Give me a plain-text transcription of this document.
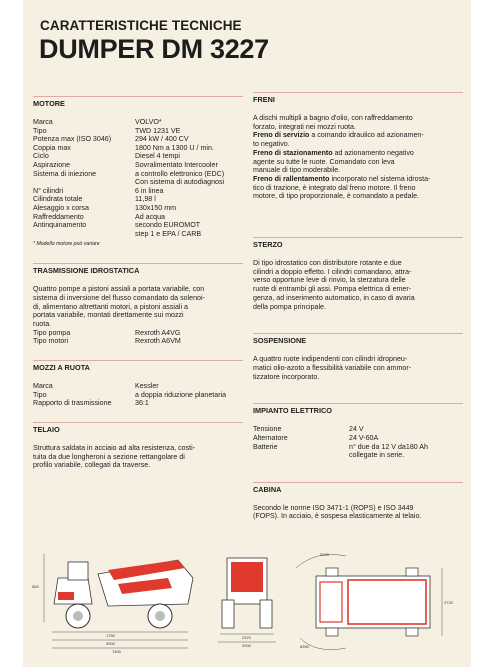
CARATTERISTICHE TECNICHE
DUMPER DM 3227
MOTORE
Marca	VOLVO*
Tipo	TWD 1231 VE
Potenza max (ISO 3046)	294 kW / 400 CV
Coppia max	1800 Nm a 1300 U / min.
Ciclo	Diesel 4 tempi
Aspirazione	Sovralimentato Intercooler
Sistema di iniezione	a controllo elettronico (EDC)
Con sistema di autodiagnosi
N° cilindri	6 in linea
Cilindrata totale	11,98 l
Alesaggio x corsa	130x150 mm
Raffreddamento	Ad acqua
Antinquinamento	secondo EUROMOT
step 1 e EPA / CARB
* Modello motore può variare
TRASMISSIONE IDROSTATICA
Quattro pompe a pistoni assiali a portata variabile, con
sistema di inversione del flusso comandato da solenoi-
di, alimentano altrettanti motori, a pistoni assiali a
portata variabile, montati direttamente sui mozzi
ruota.
Tipo pompa	Rexroth A4VG
Tipo motori	Rexroth A6VM
MOZZI A RUOTA
Marca	Kessler
Tipo	a doppia riduzione planetaria
Rapporto di trasmissione	36:1
TELAIO
Struttura saldata in acciaio ad alta resistenza, costi-
tuita da due longheroni a sezione rettangolare di
profilo variabile, collegati da traverse.
FRENI
A dischi multipli a bagno d'olio, con raffreddamento
forzato, integrati nei mozzi ruota.
Freno di servizio a comando idraulico ad azionamen-
to negativo.
Freno di stazionamento ad azionamento negativo
agente su tutte le ruote. Comandato con leva
manuale di tipo moderabile.
Freno di rallentamento incorporato nel sistema idrosta-
tico di trazione, è integrato dal freno motore. Il freno
motore, di tipo proporzionale, è comandato a pedale.
STERZO
Di tipo idrostatico con distributore rotante e due
cilindri a doppio effetto. I cilindri comandano, attra-
verso opportune leve di rinvio, la sterzatura delle
ruote di entrambi gli assi. Pompa elettrica di emer-
genza, ad inserimento automatico, in caso di avaria
della pompa principale.
SOSPENSIONE
A quattro ruote indipendenti con cilindri idropneu-
matici olio-azoto a flessibilità variabile con ammor-
tizzatore incorporato.
IMPIANTO ELETTRICO
Tensione	24 V
Alternatore	24 V-60A
Batterie	n° due da 12 V da180 Ah
collegate in serie.
CABINA
Secondo le norme ISO 3471-1 (ROPS) e ISO 3449
(FOPS). In acciaio, è sospesa elasticamente al telaio.
565
1750
3900
7400
2370
2900
5390
8390
2720
